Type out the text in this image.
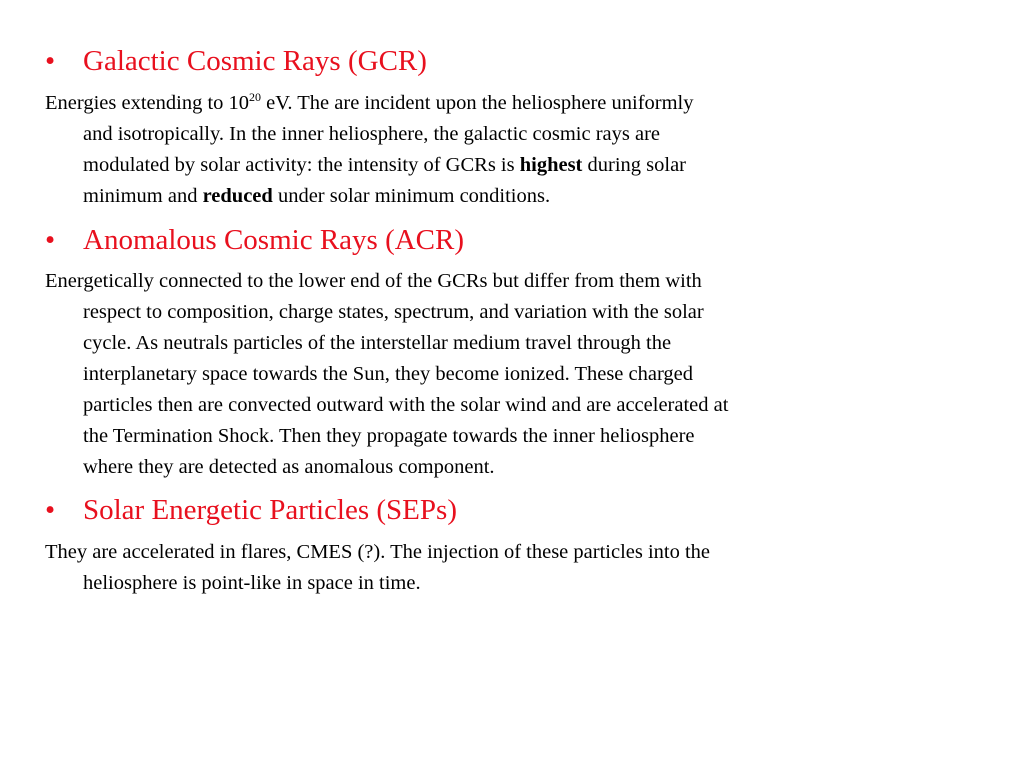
• Galactic Cosmic Rays (GCR)
Energies extending to $10^{20}$ eV. The are incident upon the heliosphere uniformly
and isotropically. In the inner heliosphere, the galactic cosmic rays are
modulated by solar activity: the intensity of GCRs is highest during solar
minimum and reduced under solar minimum conditions.
• Anomalous Cosmic Rays (ACR)
Energetically connected to the lower end of the GCRs but differ from them with
respect to composition, charge states, spectrum, and variation with the solar
cycle. As neutrals particles of the interstellar medium travel through the
interplanetary space towards the Sun, they become ionized. These charged
particles then are convected outward with the solar wind and are accelerated at
the Termination Shock. Then they propagate towards the inner heliosphere
where they are detected as anomalous component.
• Solar Energetic Particles (SEPs)
They are accelerated in flares, CMES (?). The injection of these particles into the
heliosphere is point-like in space in time.
